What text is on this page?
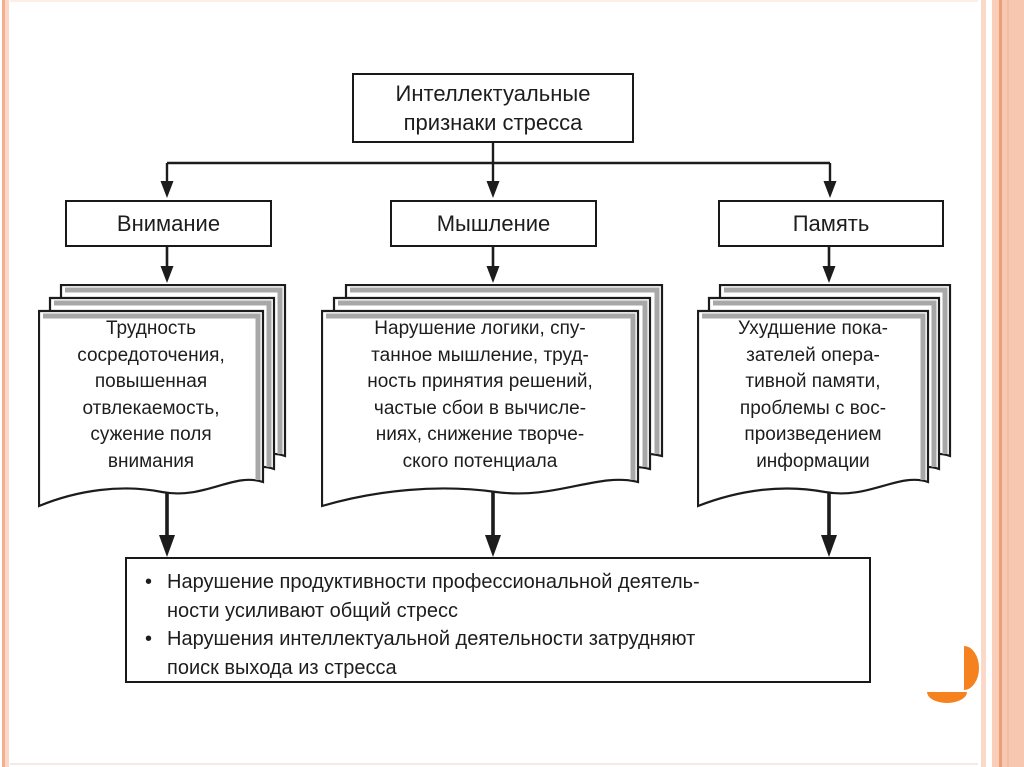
Интеллектуальные
признаки стресса
Внимание	Мышление	Память
Трудность
сосредоточения,
повышенная
отвлекаемость,
сужение поля
внимания
Нарушение логики, спу-
танное мышление, труд-
ность принятия решений,
частые сбои в вычисле-
ниях, снижение творче-
ского потенциала
Ухудшение пока-
зателей опера-
тивной памяти,
проблемы с вос-
произведением
информации
• Нарушение продуктивности профессиональной деятель-
ности усиливают общий стресс
• Нарушения интеллектуальной деятельности затрудняют
поиск выхода из стресса
